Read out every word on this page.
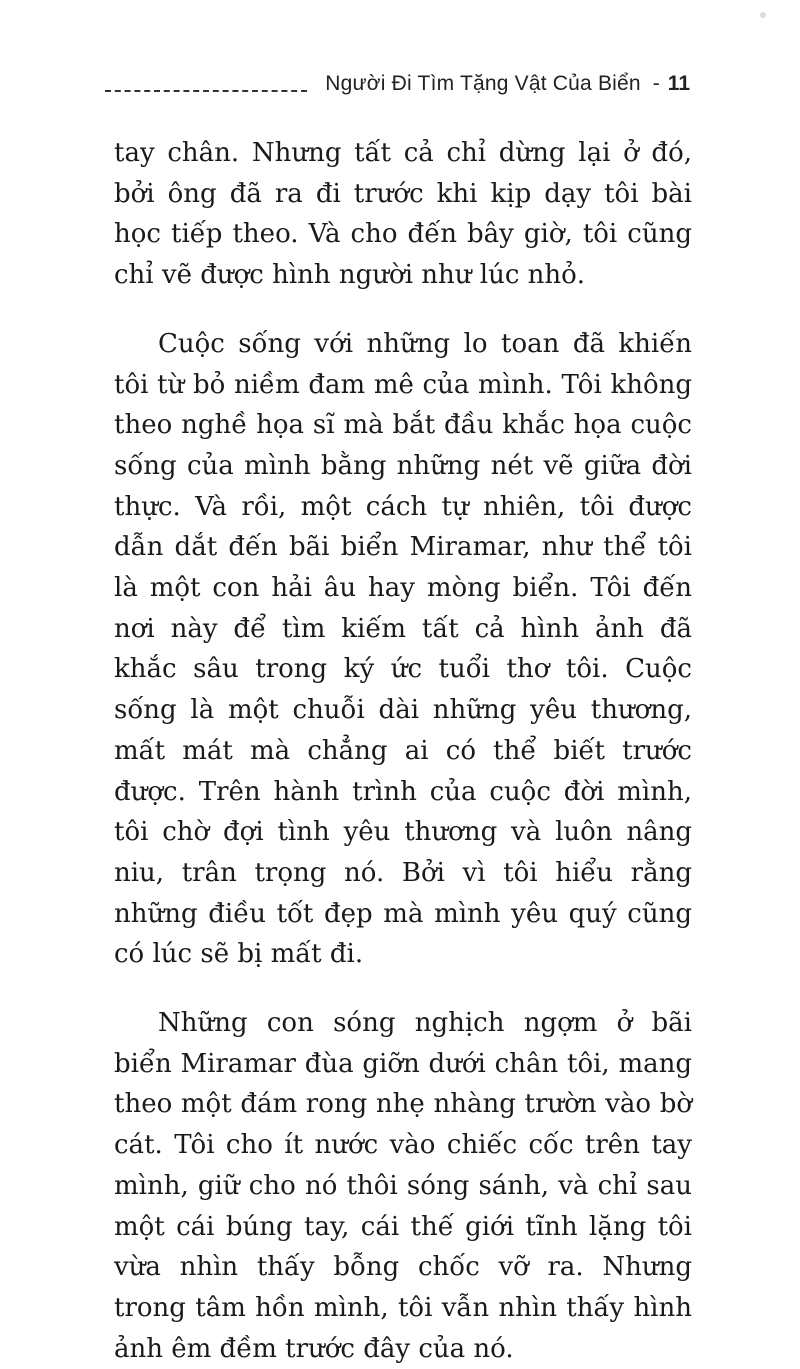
Người Đi Tìm Tặng Vật Của Biển - 11

tay chân. Nhưng tất cả chỉ dừng lại ở đó, bởi ông đã ra đi trước khi kịp dạy tôi bài học tiếp theo. Và cho đến bây giờ, tôi cũng chỉ vẽ được hình người như lúc nhỏ.

Cuộc sống với những lo toan đã khiến tôi từ bỏ niềm đam mê của mình. Tôi không theo nghề họa sĩ mà bắt đầu khắc họa cuộc sống của mình bằng những nét vẽ giữa đời thực. Và rồi, một cách tự nhiên, tôi được dẫn dắt đến bãi biển Miramar, như thể tôi là một con hải âu hay mòng biển. Tôi đến nơi này để tìm kiếm tất cả hình ảnh đã khắc sâu trong ký ức tuổi thơ tôi. Cuộc sống là một chuỗi dài những yêu thương, mất mát mà chẳng ai có thể biết trước được. Trên hành trình của cuộc đời mình, tôi chờ đợi tình yêu thương và luôn nâng niu, trân trọng nó. Bởi vì tôi hiểu rằng những điều tốt đẹp mà mình yêu quý cũng có lúc sẽ bị mất đi.

Những con sóng nghịch ngợm ở bãi biển Miramar đùa giỡn dưới chân tôi, mang theo một đám rong nhẹ nhàng trườn vào bờ cát. Tôi cho ít nước vào chiếc cốc trên tay mình, giữ cho nó thôi sóng sánh, và chỉ sau một cái búng tay, cái thế giới tĩnh lặng tôi vừa nhìn thấy bỗng chốc vỡ ra. Nhưng trong tâm hồn mình, tôi vẫn nhìn thấy hình ảnh êm đềm trước đây của nó.
